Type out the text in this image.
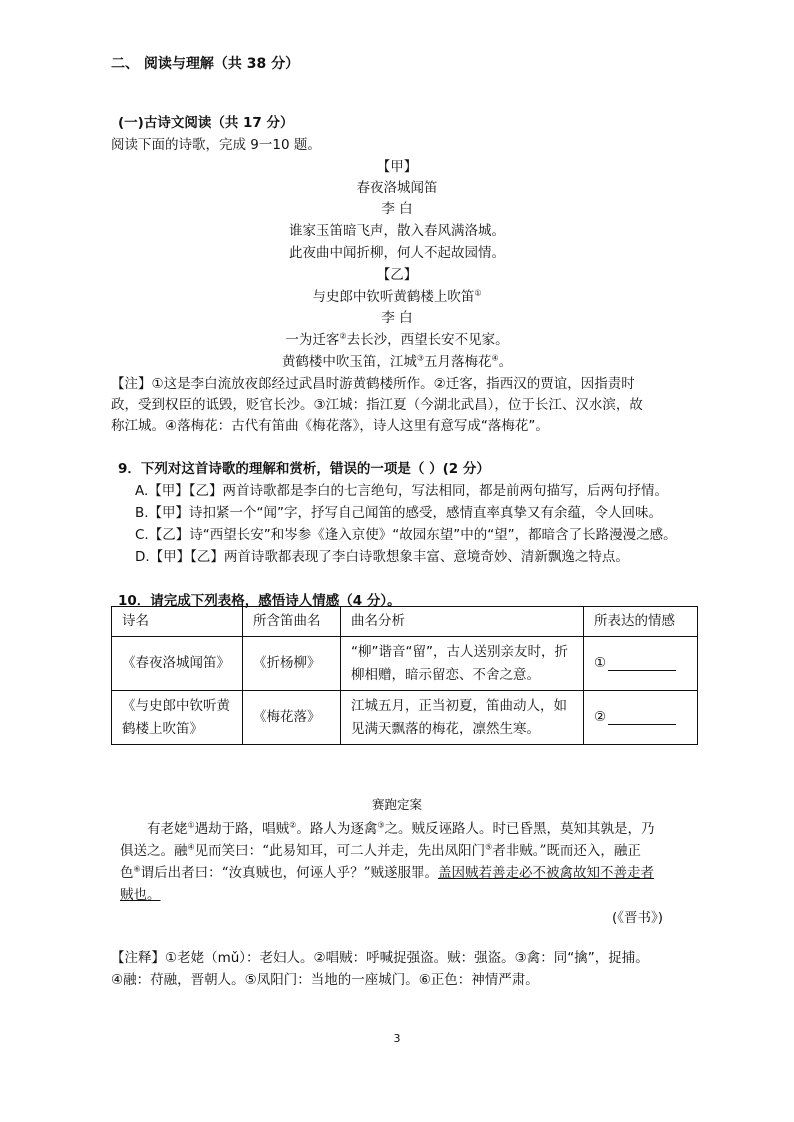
二、 阅读与理解（共 38 分）
(一)古诗文阅读（共 17 分）
阅读下面的诗歌，完成 9一10 题。
【甲】
春夜洛城闻笛
李 白
谁家玉笛暗飞声，散入春风满洛城。
此夜曲中闻折柳，何人不起故园情。
【乙】
与史郎中钦听黄鹤楼上吹笛①
李 白
一为迁客②去长沙，西望长安不见家。
黄鹤楼中吹玉笛，江城③五月落梅花④。
【注】①这是李白流放夜郎经过武昌时游黄鹤楼所作。②迁客，指西汉的贾谊，因指责时
政，受到权臣的诋毁，贬官长沙。③江城：指江夏（今湖北武昌），位于长江、汉水滨，故
称江城。④落梅花：古代有笛曲《梅花落》，诗人这里有意写成“落梅花”。
9．下列对这首诗歌的理解和赏析，错误的一项是（ ）(2 分）
A.【甲】【乙】两首诗歌都是李白的七言绝句，写法相同，都是前两句描写，后两句抒情。
B.【甲】诗扣紧一个“闻”字，抒写自己闻笛的感受，感情直率真挚又有余蕴，令人回味。
C.【乙】诗“西望长安”和岑参《逢入京使》“故园东望”中的“望”，都暗含了长路漫漫之感。
D.【甲】【乙】两首诗歌都表现了李白诗歌想象丰富、意境奇妙、清新飘逸之特点。
10．请完成下列表格，感悟诗人情感（4 分）。
诗名	所含笛曲名	曲名分析	所表达的情感
《春夜洛城闻笛》	《折杨柳》	“柳”谐音“留”，古人送别亲友时，折柳相赠，暗示留恋、不舍之意。	①
《与史郎中钦听黄鹤楼上吹笛》	《梅花落》	江城五月，正当初夏，笛曲动人，如见满天飘落的梅花，凛然生寒。	②
赛跑定案
有老姥①遇劫于路，唱贼②。路人为逐禽③之。贼反诬路人。时已昏黑，莫知其孰是，乃
俱送之。融④见而笑曰：“此易知耳，可二人并走，先出凤阳门⑤者非贼。”既而还入，融正
色⑥谓后出者曰：“汝真贼也，何诬人乎？”贼遂服罪。盖因贼若善走必不被禽故知不善走者
贼也。
(《晋书》)
【注释】①老姥（mǔ）：老妇人。②唱贼：呼喊捉强盗。贼：强盗。③禽：同“擒”，捉捕。
④融：苻融，晋朝人。⑤凤阳门：当地的一座城门。⑥正色：神情严肃。
3
